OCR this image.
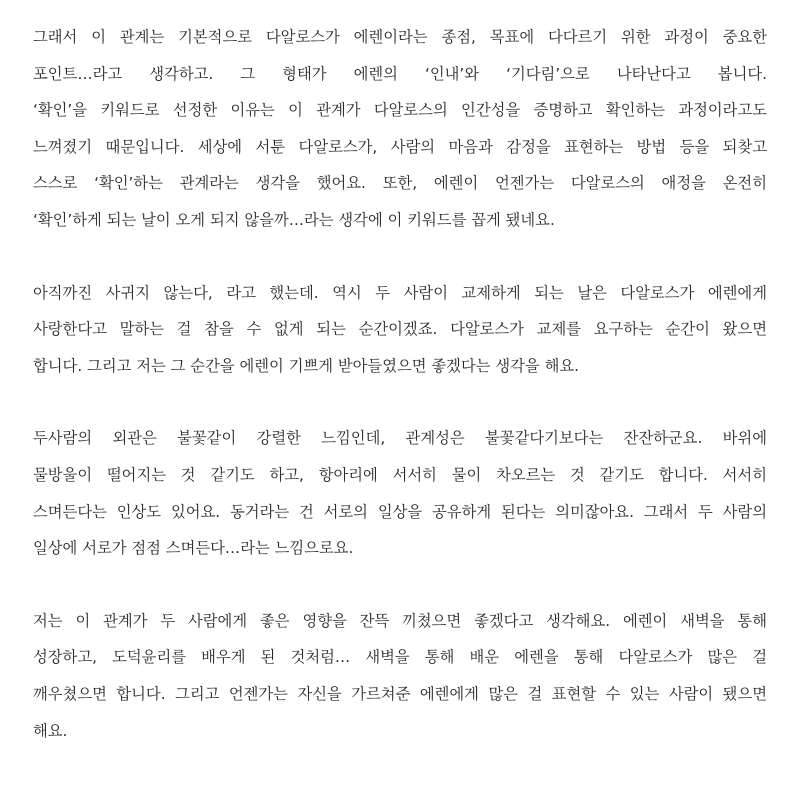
그래서 이 관계는 기본적으로 다알로스가 에렌이라는 종점, 목표에 다다르기 위한 과정이 중요한
포인트…라고 생각하고. 그 형태가 에렌의 ‘인내’와 ‘기다림’으로 나타난다고 봅니다.
‘확인’을 키워드로 선정한 이유는 이 관계가 다알로스의 인간성을 증명하고 확인하는 과정이라고도
느껴졌기 때문입니다. 세상에 서툰 다알로스가, 사람의 마음과 감정을 표현하는 방법 등을 되찾고
스스로 ‘확인’하는 관계라는 생각을 했어요. 또한, 에렌이 언젠가는 다알로스의 애정을 온전히
‘확인’하게 되는 날이 오게 되지 않을까…라는 생각에 이 키워드를 꼽게 됐네요.

아직까진 사귀지 않는다, 라고 했는데. 역시 두 사람이 교제하게 되는 날은 다알로스가 에렌에게
사랑한다고 말하는 걸 참을 수 없게 되는 순간이겠죠. 다알로스가 교제를 요구하는 순간이 왔으면
합니다. 그리고 저는 그 순간을 에렌이 기쁘게 받아들였으면 좋겠다는 생각을 해요.

두사람의 외관은 불꽃같이 강렬한 느낌인데, 관계성은 불꽃같다기보다는 잔잔하군요. 바위에
물방울이 떨어지는 것 같기도 하고, 항아리에 서서히 물이 차오르는 것 같기도 합니다. 서서히
스며든다는 인상도 있어요. 동거라는 건 서로의 일상을 공유하게 된다는 의미잖아요. 그래서 두 사람의
일상에 서로가 점점 스며든다…라는 느낌으로요.

저는 이 관계가 두 사람에게 좋은 영향을 잔뜩 끼쳤으면 좋겠다고 생각해요. 에렌이 새벽을 통해
성장하고, 도덕윤리를 배우게 된 것처럼… 새벽을 통해 배운 에렌을 통해 다알로스가 많은 걸
깨우쳤으면 합니다. 그리고 언젠가는 자신을 가르쳐준 에렌에게 많은 걸 표현할 수 있는 사람이 됐으면
해요.
